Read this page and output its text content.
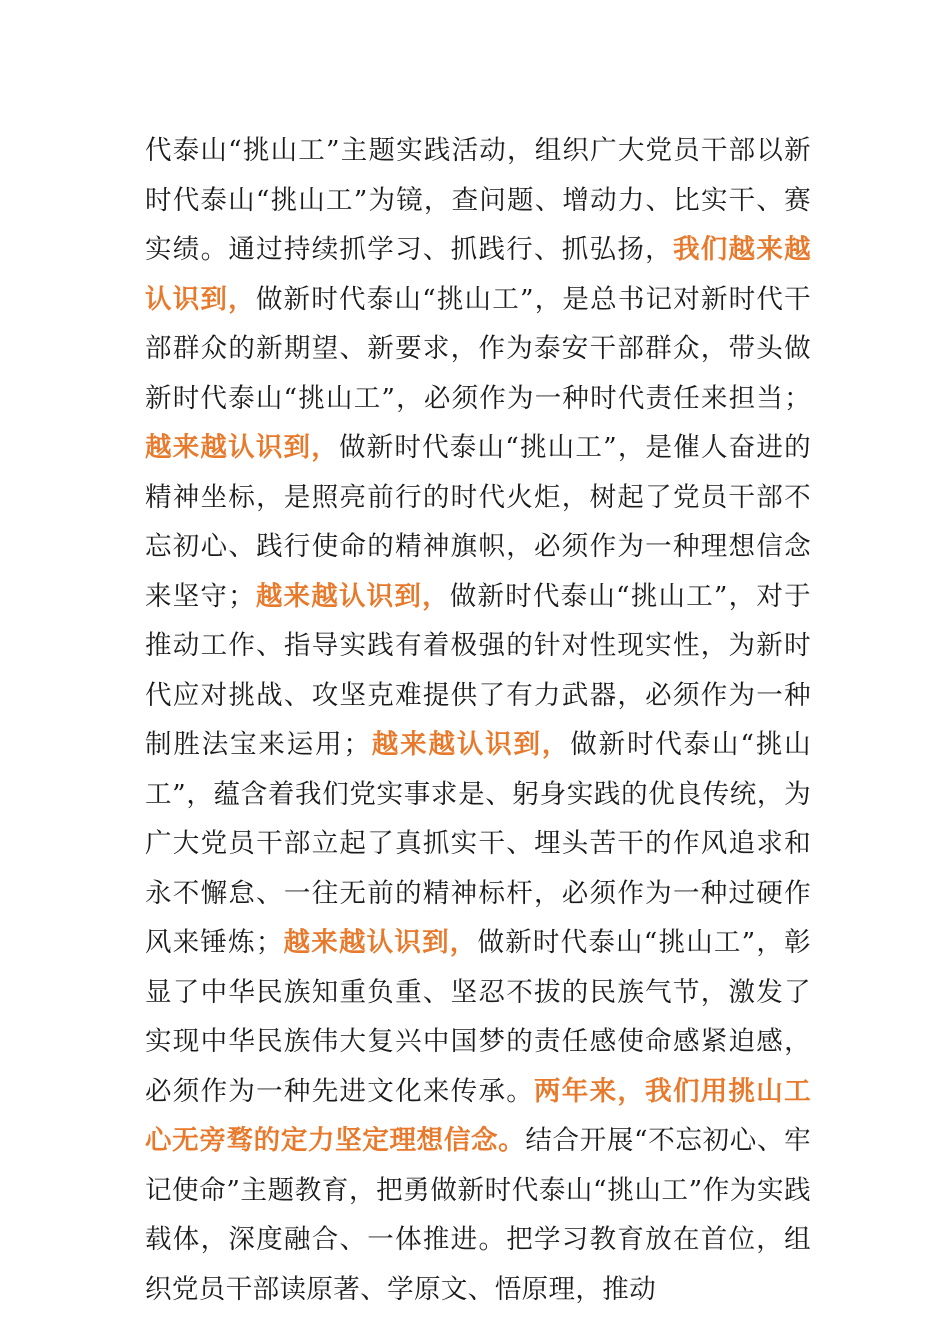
代泰山“挑山工”主题实践活动，组织广大党员干部以新时代泰山“挑山工”为镜，查问题、增动力、比实干、赛实绩。通过持续抓学习、抓践行、抓弘扬，我们越来越认识到，做新时代泰山“挑山工”，是总书记对新时代干部群众的新期望、新要求，作为泰安干部群众，带头做新时代泰山“挑山工”，必须作为一种时代责任来担当；越来越认识到，做新时代泰山“挑山工”，是催人奋进的精神坐标，是照亮前行的时代火炬，树起了党员干部不忘初心、践行使命的精神旗帜，必须作为一种理想信念来坚守；越来越认识到，做新时代泰山“挑山工”，对于推动工作、指导实践有着极强的针对性现实性，为新时代应对挑战、攻坚克难提供了有力武器，必须作为一种制胜法宝来运用；越来越认识到，做新时代泰山“挑山工”，蕴含着我们党实事求是、躬身实践的优良传统，为广大党员干部立起了真抓实干、埋头苦干的作风追求和永不懈怠、一往无前的精神标杆，必须作为一种过硬作风来锤炼；越来越认识到，做新时代泰山“挑山工”，彰显了中华民族知重负重、坚忍不拔的民族气节，激发了实现中华民族伟大复兴中国梦的责任感使命感紧迫感，必须作为一种先进文化来传承。两年来，我们用挑山工心无旁骛的定力坚定理想信念。结合开展“不忘初心、牢记使命”主题教育，把勇做新时代泰山“挑山工”作为实践载体，深度融合、一体推进。把学习教育放在首位，组织党员干部读原著、学原文、悟原理，推动
